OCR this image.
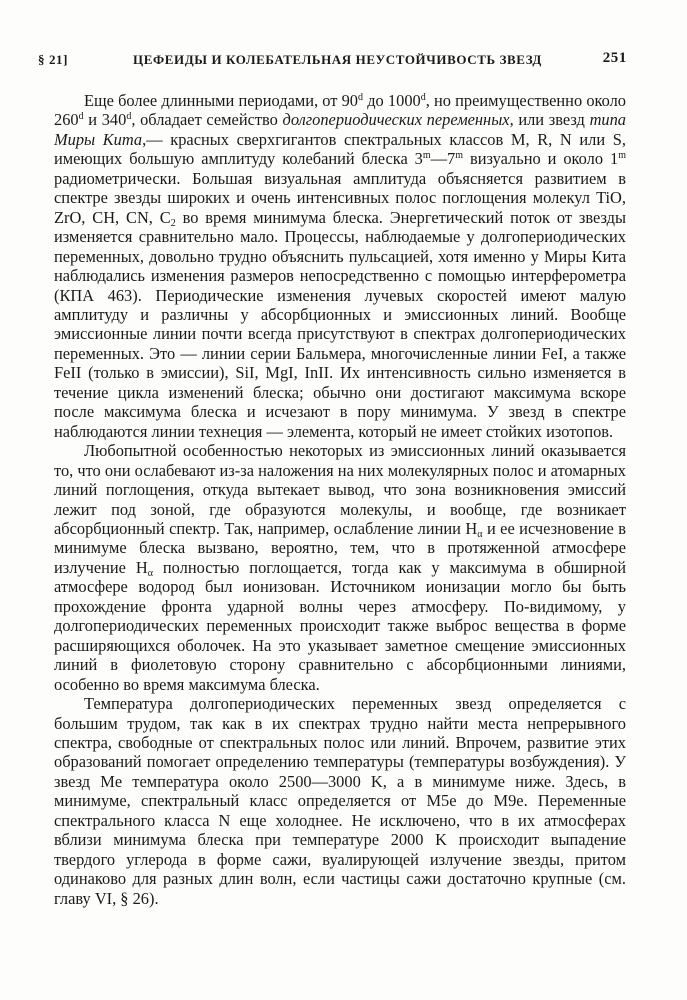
§ 21]	ЦЕФЕИДЫ И КОЛЕБАТЕЛЬНАЯ НЕУСТОЙЧИВОСТЬ ЗВЕЗД	251

Еще более длинными периодами, от 90$^d$ до 1000$^d$, но преимущественно около 260$^d$ и 340$^d$, обладает семейство долгопериодических переменных, или звезд типа Миры Кита,— красных сверхгигантов спектральных классов M, R, N или S, имеющих большую амплитуду колебаний блеска 3$^m$—7$^m$ визуально и около 1$^m$ радиометрически. Большая визуальная амплитуда объясняется развитием в спектре звезды широких и очень интенсивных полос поглощения молекул TiO, ZrO, CH, CN, $C_2$ во время минимума блеска. Энергетический поток от звезды изменяется сравнительно мало. Процессы, наблюдаемые у долгопериодических переменных, довольно трудно объяснить пульсацией, хотя именно у Миры Кита наблюдались изменения размеров непосредственно с помощью интерферометра (КПА 463). Периодические изменения лучевых скоростей имеют малую амплитуду и различны у абсорбционных и эмиссионных линий. Вообще эмиссионные линии почти всегда присутствуют в спектрах долгопериодических переменных. Это — линии серии Бальмера, многочисленные линии FeI, а также FeII (только в эмиссии), SiI, MgI, InII. Их интенсивность сильно изменяется в течение цикла изменений блеска; обычно они достигают максимума вскоре после максимума блеска и исчезают в пору минимума. У звезд в спектре наблюдаются линии технеция — элемента, который не имеет стойких изотопов.

Любопытной особенностью некоторых из эмиссионных линий оказывается то, что они ослабевают из-за наложения на них молекулярных полос и атомарных линий поглощения, откуда вытекает вывод, что зона возникновения эмиссий лежит под зоной, где образуются молекулы, и вообще, где возникает абсорбционный спектр. Так, например, ослабление линии $H_\alpha$ и ее исчезновение в минимуме блеска вызвано, вероятно, тем, что в протяженной атмосфере излучение $H_\alpha$ полностью поглощается, тогда как у максимума в обширной атмосфере водород был ионизован. Источником ионизации могло бы быть прохождение фронта ударной волны через атмосферу. По-видимому, у долгопериодических переменных происходит также выброс вещества в форме расширяющихся оболочек. На это указывает заметное смещение эмиссионных линий в фиолетовую сторону сравнительно с абсорбционными линиями, особенно во время максимума блеска.

Температура долгопериодических переменных звезд определяется с большим трудом, так как в их спектрах трудно найти места непрерывного спектра, свободные от спектральных полос или линий. Впрочем, развитие этих образований помогает определению температуры (температуры возбуждения). У звезд Me температура около 2500—3000 K, а в минимуме ниже. Здесь, в минимуме, спектральный класс определяется от M5e до M9e. Переменные спектрального класса N еще холоднее. Не исключено, что в их атмосферах вблизи минимума блеска при температуре 2000 K происходит выпадение твердого углерода в форме сажи, вуалирующей излучение звезды, притом одинаково для разных длин волн, если частицы сажи достаточно крупные (см. главу VI, § 26).
